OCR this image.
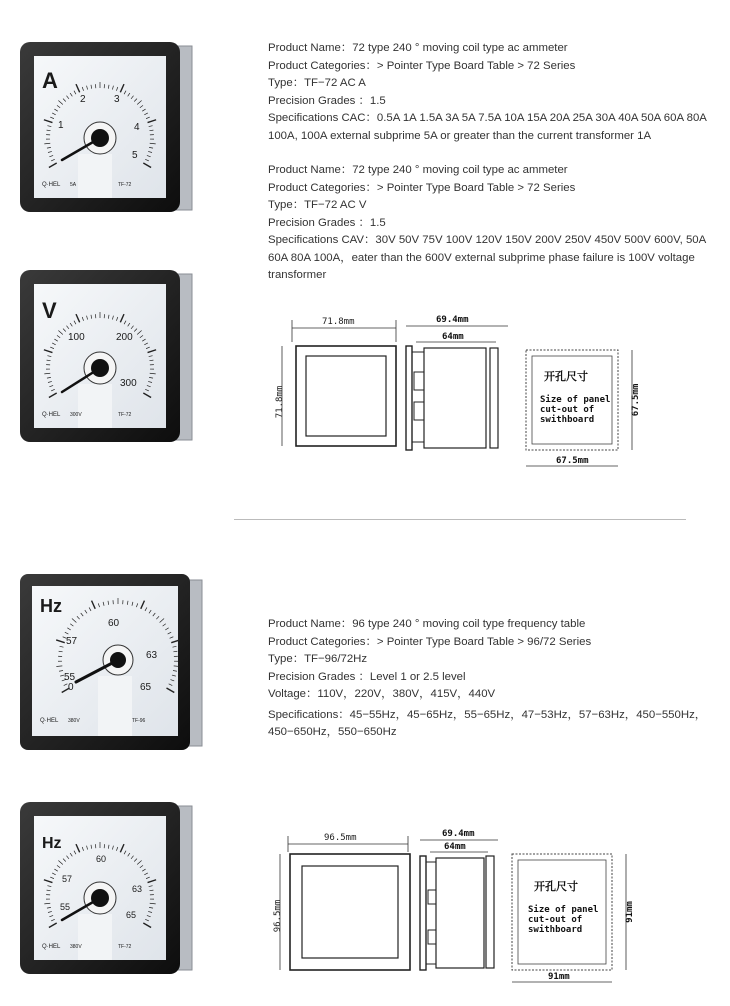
A
1
2	3
4
5
Q·HEL 5A	TF-72
Product Name：72 type 240 ° moving coil type ac ammeter
Product Categories：> Pointer Type Board Table > 72 Series
Type：TF−72 AC A
Precision Grades ：1.5
Specifications CAC：0.5A 1A 1.5A 3A 5A 7.5A 10A 15A 20A 25A 30A 40A 50A 60A 80A 100A, 100A external subprime 5A or greater than the current transformer 1A
Product Name：72 type 240 ° moving coil type ac ammeter
Product Categories：> Pointer Type Board Table > 72 Series
Type：TF−72 AC V
Precision Grades ：1.5
Specifications CAV：30V 50V 75V 100V 120V 150V 200V 250V 450V 500V 600V, 50A 60A 80A 100A，eater than the 600V external subprime phase failure is 100V voltage transformer
V
100	200
300
Q·HEL 300V	TF-72
71.8mm
71.8mm
69.4mm
64mm
开孔尺寸
Size of panel
cut-out of
swithboard
67.5mm
67.5mm
Hz
55
57
60
63
65
0
Q·HEL 380V	TF-96
Product Name：96 type 240 ° moving coil type frequency table
Product Categories：> Pointer Type Board Table > 96/72 Series
Type：TF−96/72Hz
Precision Grades ：Level 1 or 2.5 level
Voltage：110V，220V，380V，415V，440V
Specifications：45−55Hz，45−65Hz，55−65Hz，47−53Hz，57−63Hz，450−550Hz，450−650Hz，550−650Hz
Hz
55
57
60
63
65
Q·HEL 380V	TF-72
96.5mm
96.5mm
69.4mm
64mm
开孔尺寸
Size of panel
cut-out of
swithboard
91mm
91mm
